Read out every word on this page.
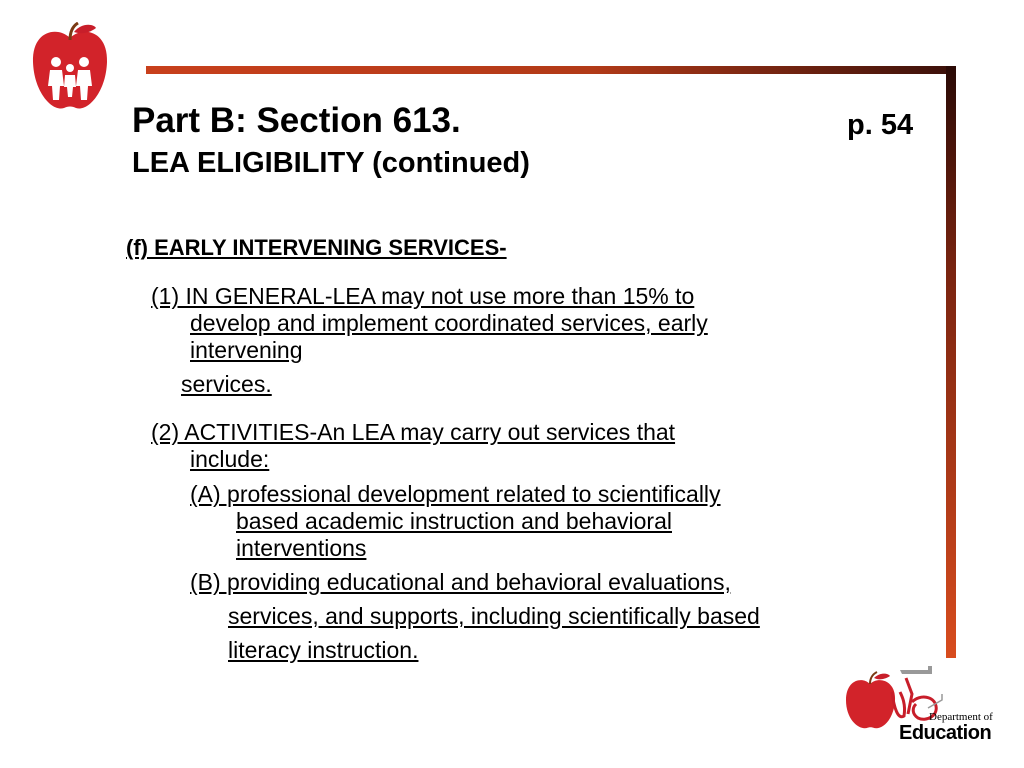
Part B: Section 613.	p. 54
LEA ELIGIBILITY (continued)
(f) EARLY INTERVENING SERVICES-
(1) IN GENERAL-LEA may not use more than 15% to
develop and implement coordinated services, early
intervening
services.
(2) ACTIVITIES-An LEA may carry out services that
include:
(A) professional development related to scientifically
based academic instruction and behavioral
interventions
(B) providing educational and behavioral evaluations,
services, and supports, including scientifically based
literacy instruction.
Department of
Education
